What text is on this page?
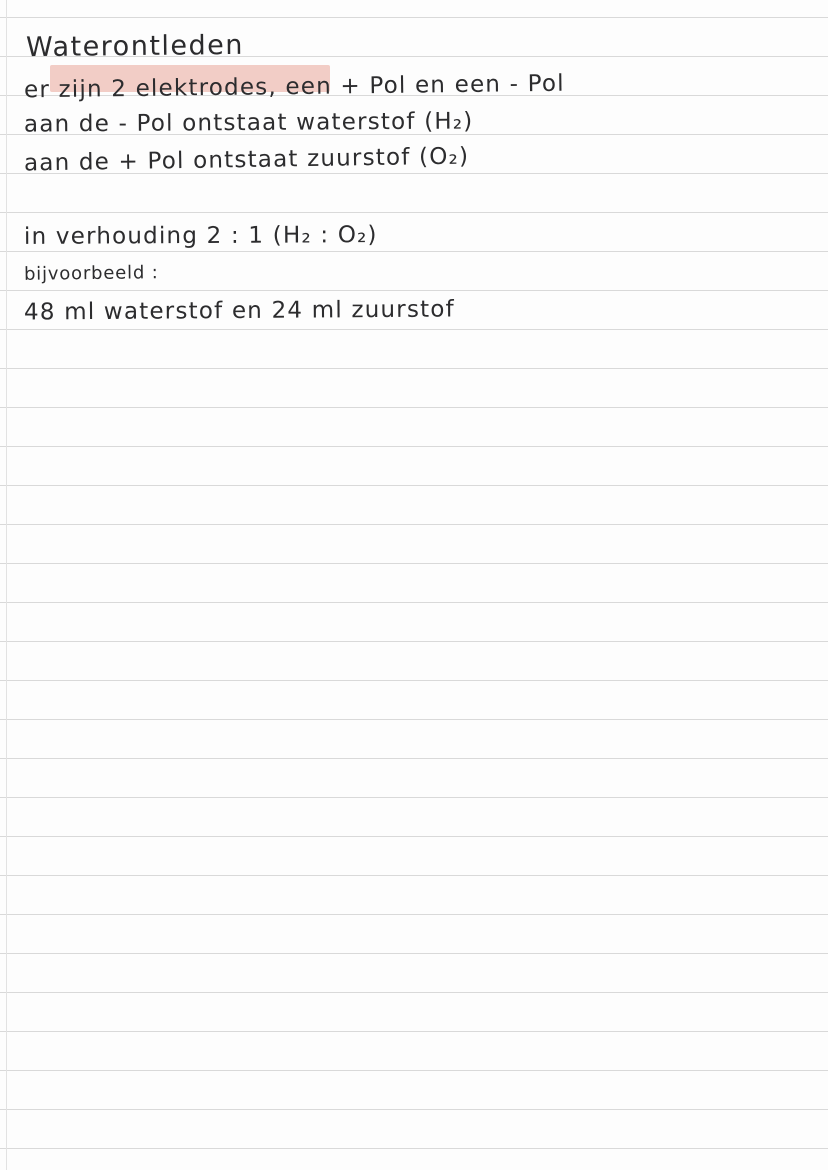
Waterontleden
er zijn 2 elektrodes, een + Pol en een - Pol
aan de - Pol ontstaat waterstof (H₂)
aan de + Pol ontstaat zuurstof (O₂)
in verhouding 2 : 1 (H₂ : O₂)
bijvoorbeeld :
48 ml waterstof en 24 ml zuurstof
